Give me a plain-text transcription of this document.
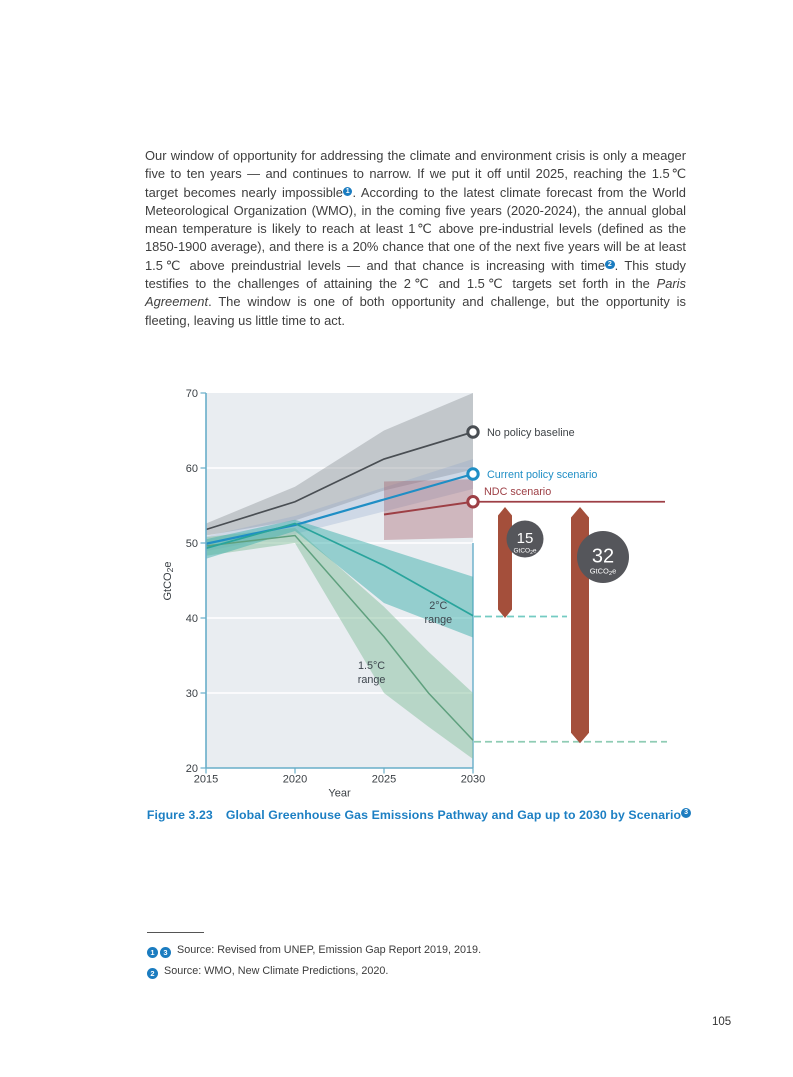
Our window of opportunity for addressing the climate and environment crisis is only a meager five to ten years — and continues to narrow. If we put it off until 2025, reaching the 1.5℃ target becomes nearly impossible 1 . According to the latest climate forecast from the World Meteorological Organization (WMO), in the coming five years (2020-2024), the annual global mean temperature is likely to reach at least 1℃ above pre-industrial levels (defined as the 1850-1900 average), and there is a 20% chance that one of the next five years will be at least 1.5℃ above preindustrial levels — and that chance is increasing with time 2 . This study testifies to the challenges of attaining the 2℃ and 1.5℃ targets set forth in the Paris Agreement. The window is one of both opportunity and challenge, but the opportunity is fleeting, leaving us little time to act.
20
30
40
50
60
70
2015	2020	2025	2030
Year
GtCO2e
15
GtCO2e	32
GtCO2e
No policy baseline
Current policy scenario
NDC scenario
2°C
range
1.5°C
range
Figure 3.23 Global Greenhouse Gas Emissions Pathway and Gap up to 2030 by Scenario 3
1 3 Source: Revised from UNEP, Emission Gap Report 2019, 2019.
2 Source: WMO, New Climate Predictions, 2020.
105
